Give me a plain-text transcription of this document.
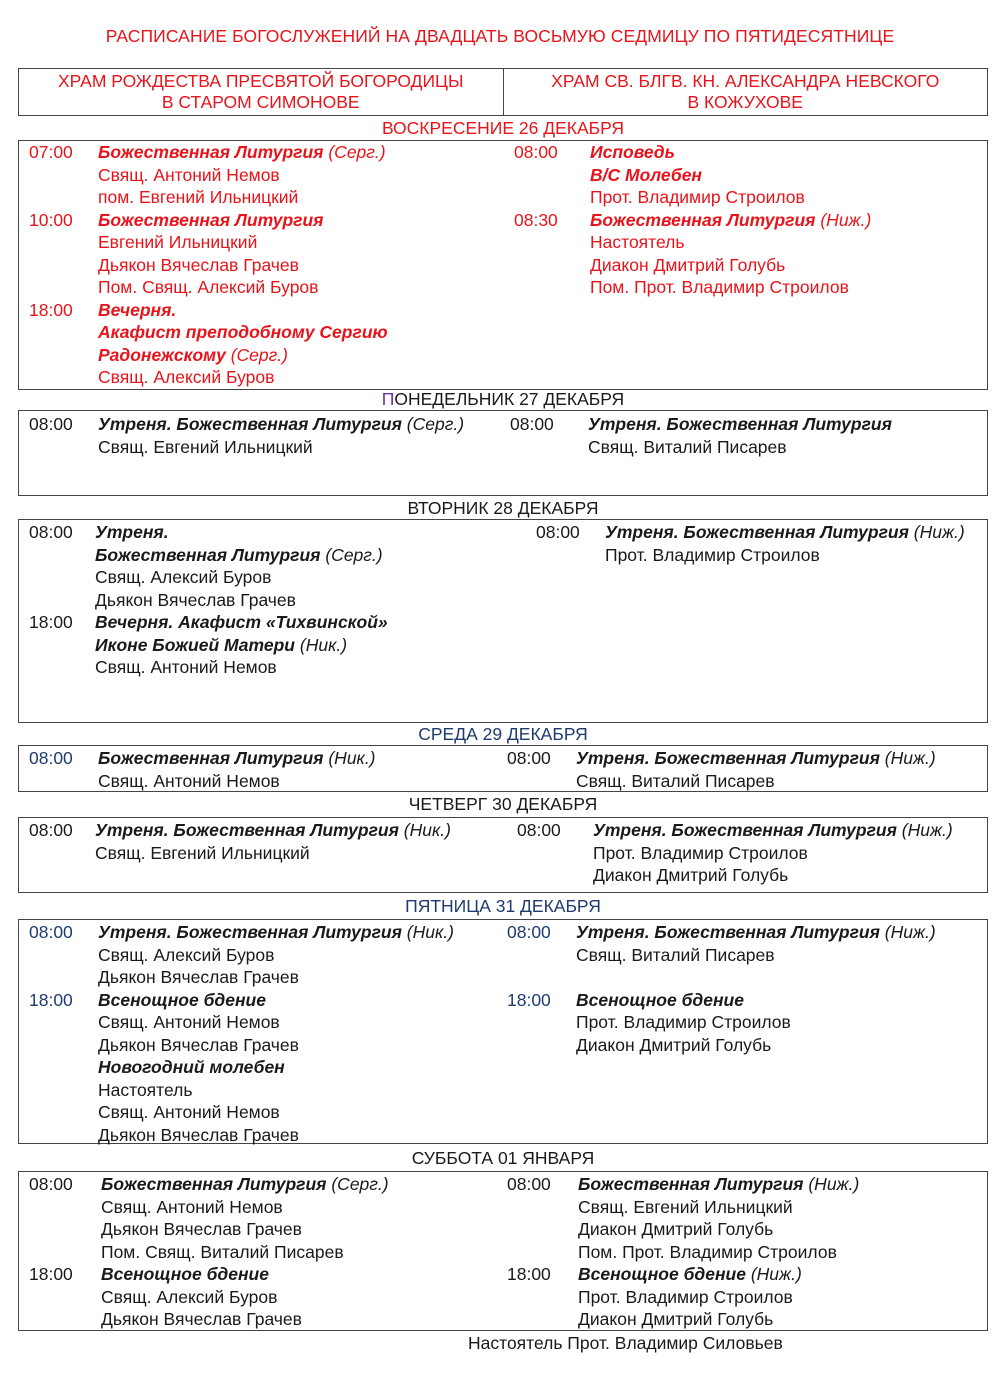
РАСПИСАНИЕ БОГОСЛУЖЕНИЙ НА ДВАДЦАТЬ ВОСЬМУЮ СЕДМИЦУ ПО ПЯТИДЕСЯТНИЦЕ
ХРАМ РОЖДЕСТВА ПРЕСВЯТОЙ БОГОРОДИЦЫ
В СТАРОМ СИМОНОВЕ
ХРАМ СВ. БЛГВ. КН. АЛЕКСАНДРА НЕВСКОГО
В КОЖУХОВЕ
ВОСКРЕСЕНИЕ 26 ДЕКАБРЯ
07:00 Божественная Литургия (Серг.)
Свящ. Антоний Немов
пом. Евгений Ильницкий
10:00 Божественная Литургия
Евгений Ильницкий
Дьякон Вячеслав Грачев
Пом. Свящ. Алексий Буров
18:00 Вечерня.
Акафист преподобному Сергию
Радонежскому (Серг.)
Свящ. Алексий Буров
08:00 Исповедь
В/С Молебен
Прот. Владимир Строилов
08:30 Божественная Литургия (Ниж.)
Настоятель
Диакон Дмитрий Голубь
Пом. Прот. Владимир Строилов
ПОНЕДЕЛЬНИК 27 ДЕКАБРЯ
08:00 Утреня. Божественная Литургия (Серг.)
Свящ. Евгений Ильницкий
08:00 Утреня. Божественная Литургия
Свящ. Виталий Писарев
ВТОРНИК 28 ДЕКАБРЯ
08:00 Утреня.
Божественная Литургия (Серг.)
Свящ. Алексий Буров
Дьякон Вячеслав Грачев
18:00 Вечерня. Акафист «Тихвинской»
Иконе Божией Матери (Ник.)
Свящ. Антоний Немов
08:00 Утреня. Божественная Литургия (Ниж.)
Прот. Владимир Строилов
СРЕДА 29 ДЕКАБРЯ
08:00 Божественная Литургия (Ник.)
Свящ. Антоний Немов
08:00 Утреня. Божественная Литургия (Ниж.)
Свящ. Виталий Писарев
ЧЕТВЕРГ 30 ДЕКАБРЯ
08:00 Утреня. Божественная Литургия (Ник.)
Свящ. Евгений Ильницкий
08:00 Утреня. Божественная Литургия (Ниж.)
Прот. Владимир Строилов
Диакон Дмитрий Голубь
ПЯТНИЦА 31 ДЕКАБРЯ
08:00 Утреня. Божественная Литургия (Ник.)
Свящ. Алексий Буров
Дьякон Вячеслав Грачев
18:00 Всенощное бдение
Свящ. Антоний Немов
Дьякон Вячеслав Грачев
Новогодний молебен
Настоятель
Свящ. Антоний Немов
Дьякон Вячеслав Грачев
08:00 Утреня. Божественная Литургия (Ниж.)
Свящ. Виталий Писарев
18:00 Всенощное бдение
Прот. Владимир Строилов
Диакон Дмитрий Голубь
СУББОТА 01 ЯНВАРЯ
08:00 Божественная Литургия (Серг.)
Свящ. Антоний Немов
Дьякон Вячеслав Грачев
Пом. Свящ. Виталий Писарев
18:00 Всенощное бдение
Свящ. Алексий Буров
Дьякон Вячеслав Грачев
08:00 Божественная Литургия (Ниж.)
Свящ. Евгений Ильницкий
Диакон Дмитрий Голубь
Пом. Прот. Владимир Строилов
18:00 Всенощное бдение (Ниж.)
Прот. Владимир Строилов
Диакон Дмитрий Голубь
Настоятель Прот. Владимир Силовьев
